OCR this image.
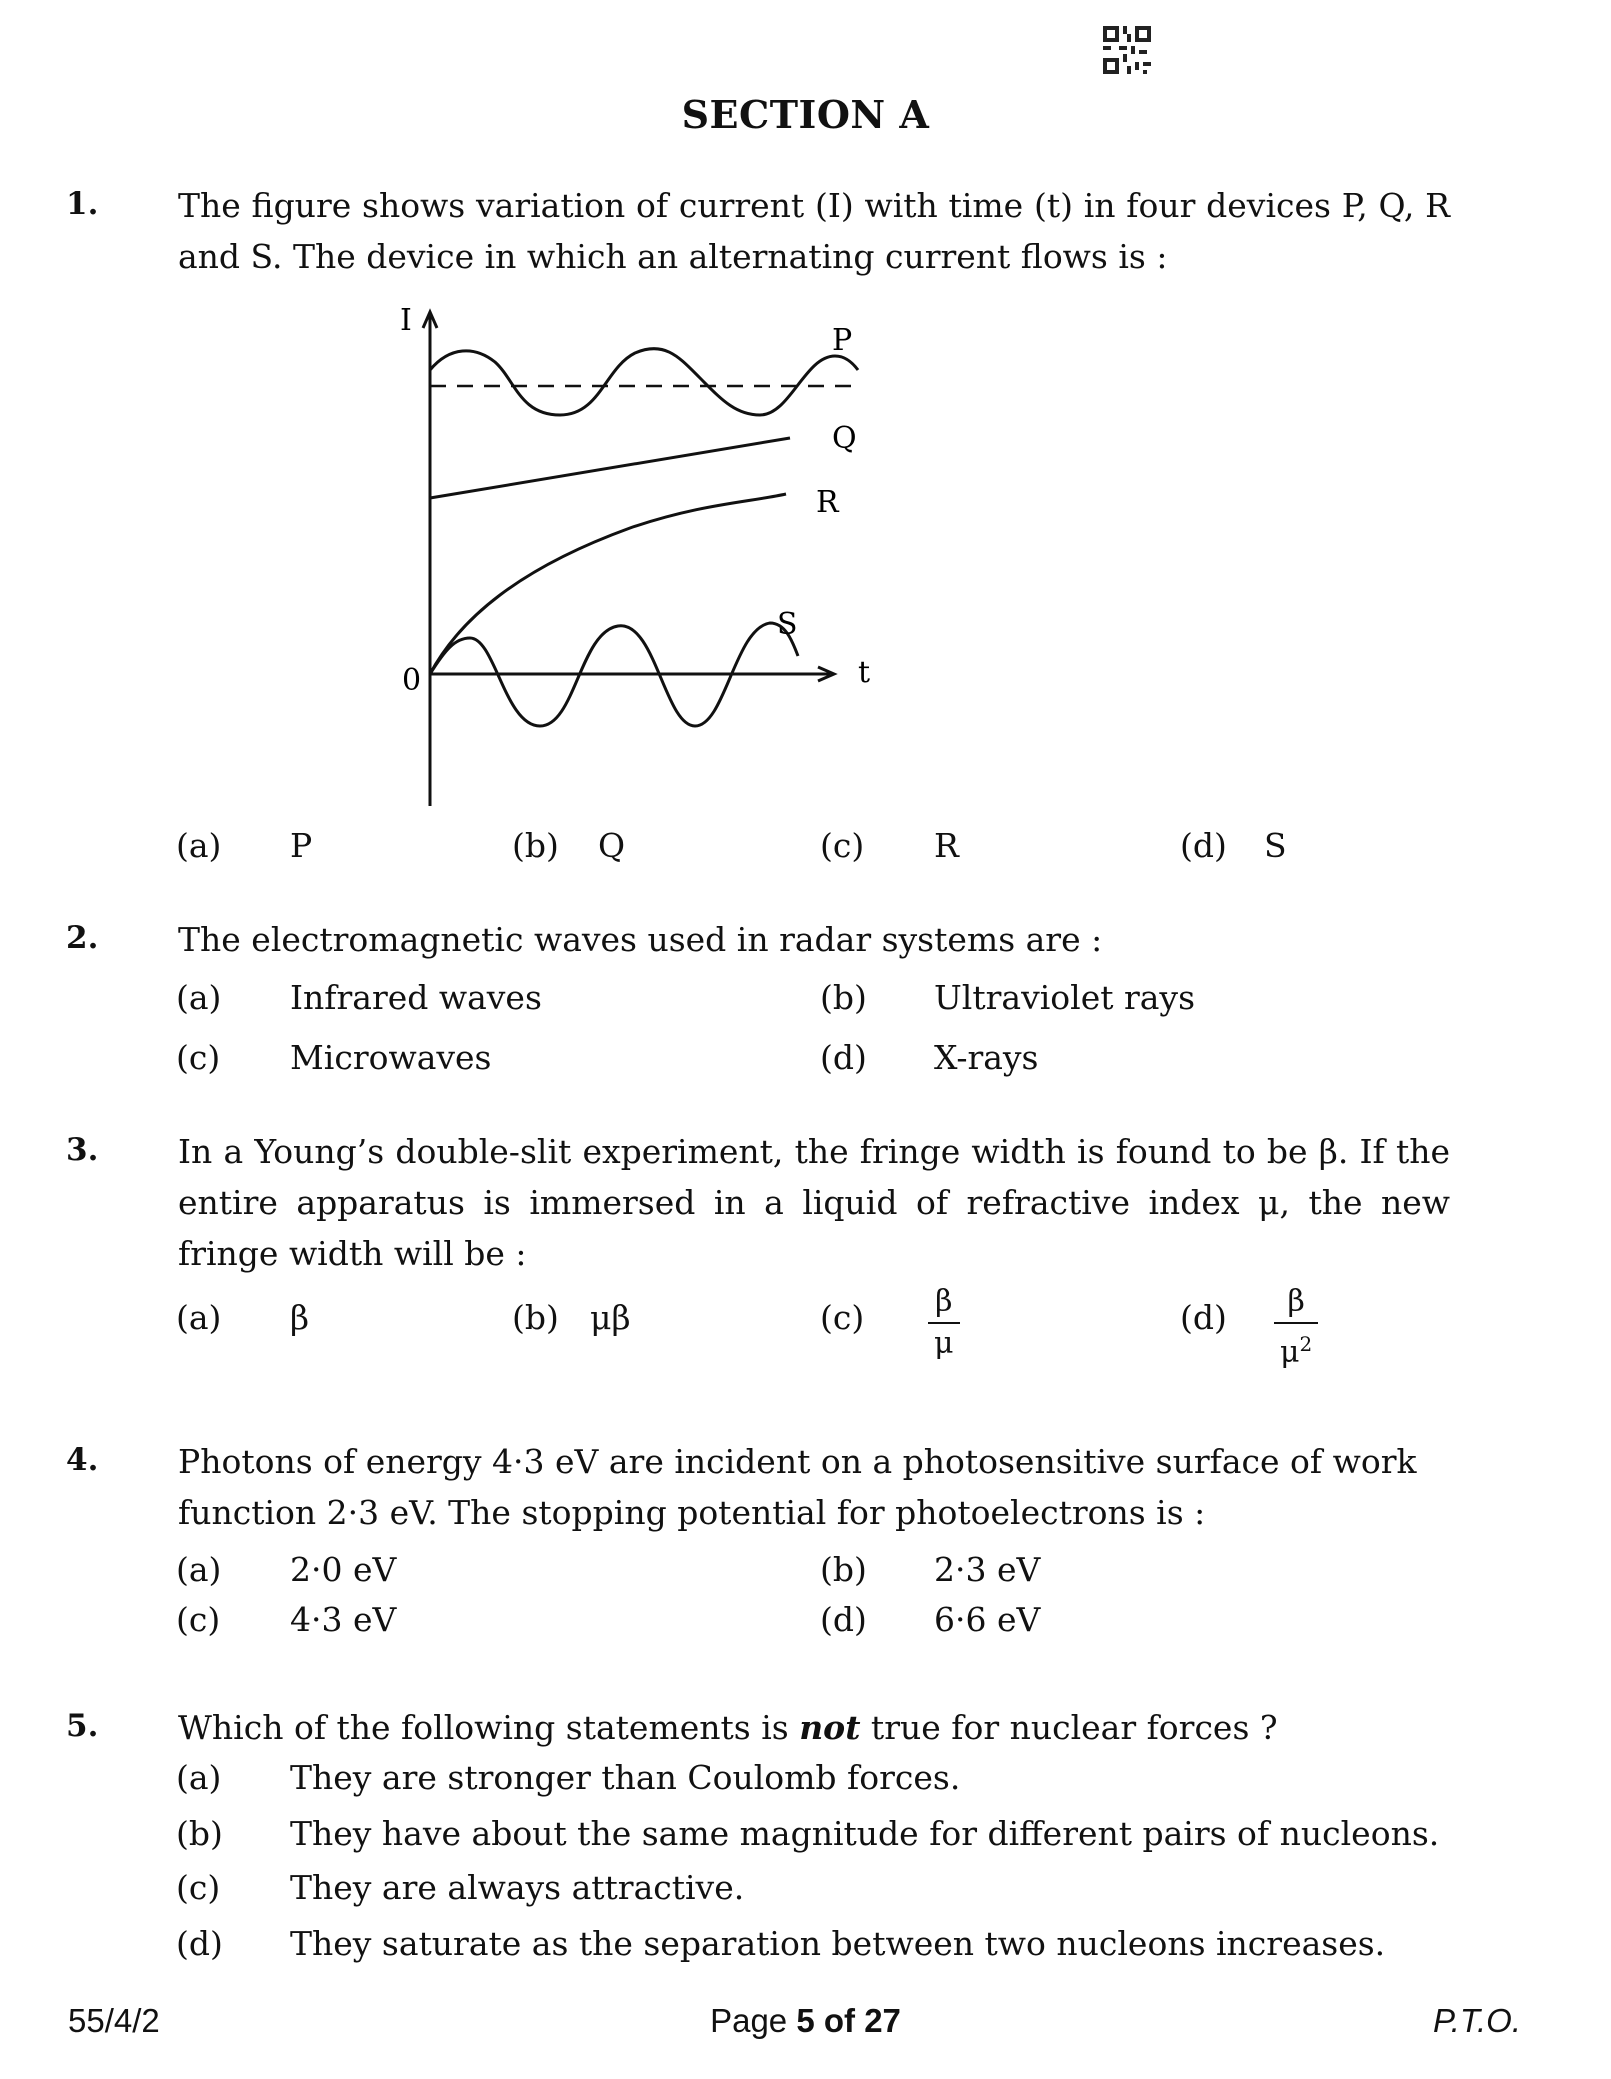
SECTION A
1. The figure shows variation of current (I) with time (t) in four devices P, Q, R and S. The device in which an alternating current flows is :
I
t
0
P
Q
R
S
(a) P	(b) Q	(c) R	(d) S
2. The electromagnetic waves used in radar systems are :
(a) Infrared waves	(b) Ultraviolet rays
(c) Microwaves	(d) X-rays
3. In a Young’s double-slit experiment, the fringe width is found to be β. If the entire apparatus is immersed in a liquid of refractive index μ, the new fringe width will be :
(a) β	(b) μβ	$(c) \frac{\beta}{\mu}$	$(d) \frac{\beta}{\mu^2}$
4. Photons of energy 4·3 eV are incident on a photosensitive surface of work function 2·3 eV. The stopping potential for photoelectrons is :
(a) 2·0 eV	(b) 2·3 eV
(c) 4·3 eV	(d) 6·6 eV
5. Which of the following statements is not true for nuclear forces ?
(a) They are stronger than Coulomb forces.
(b) They have about the same magnitude for different pairs of nucleons.
(c) They are always attractive.
(d) They saturate as the separation between two nucleons increases.
55/4/2	Page 5 of 27	P.T.O.
